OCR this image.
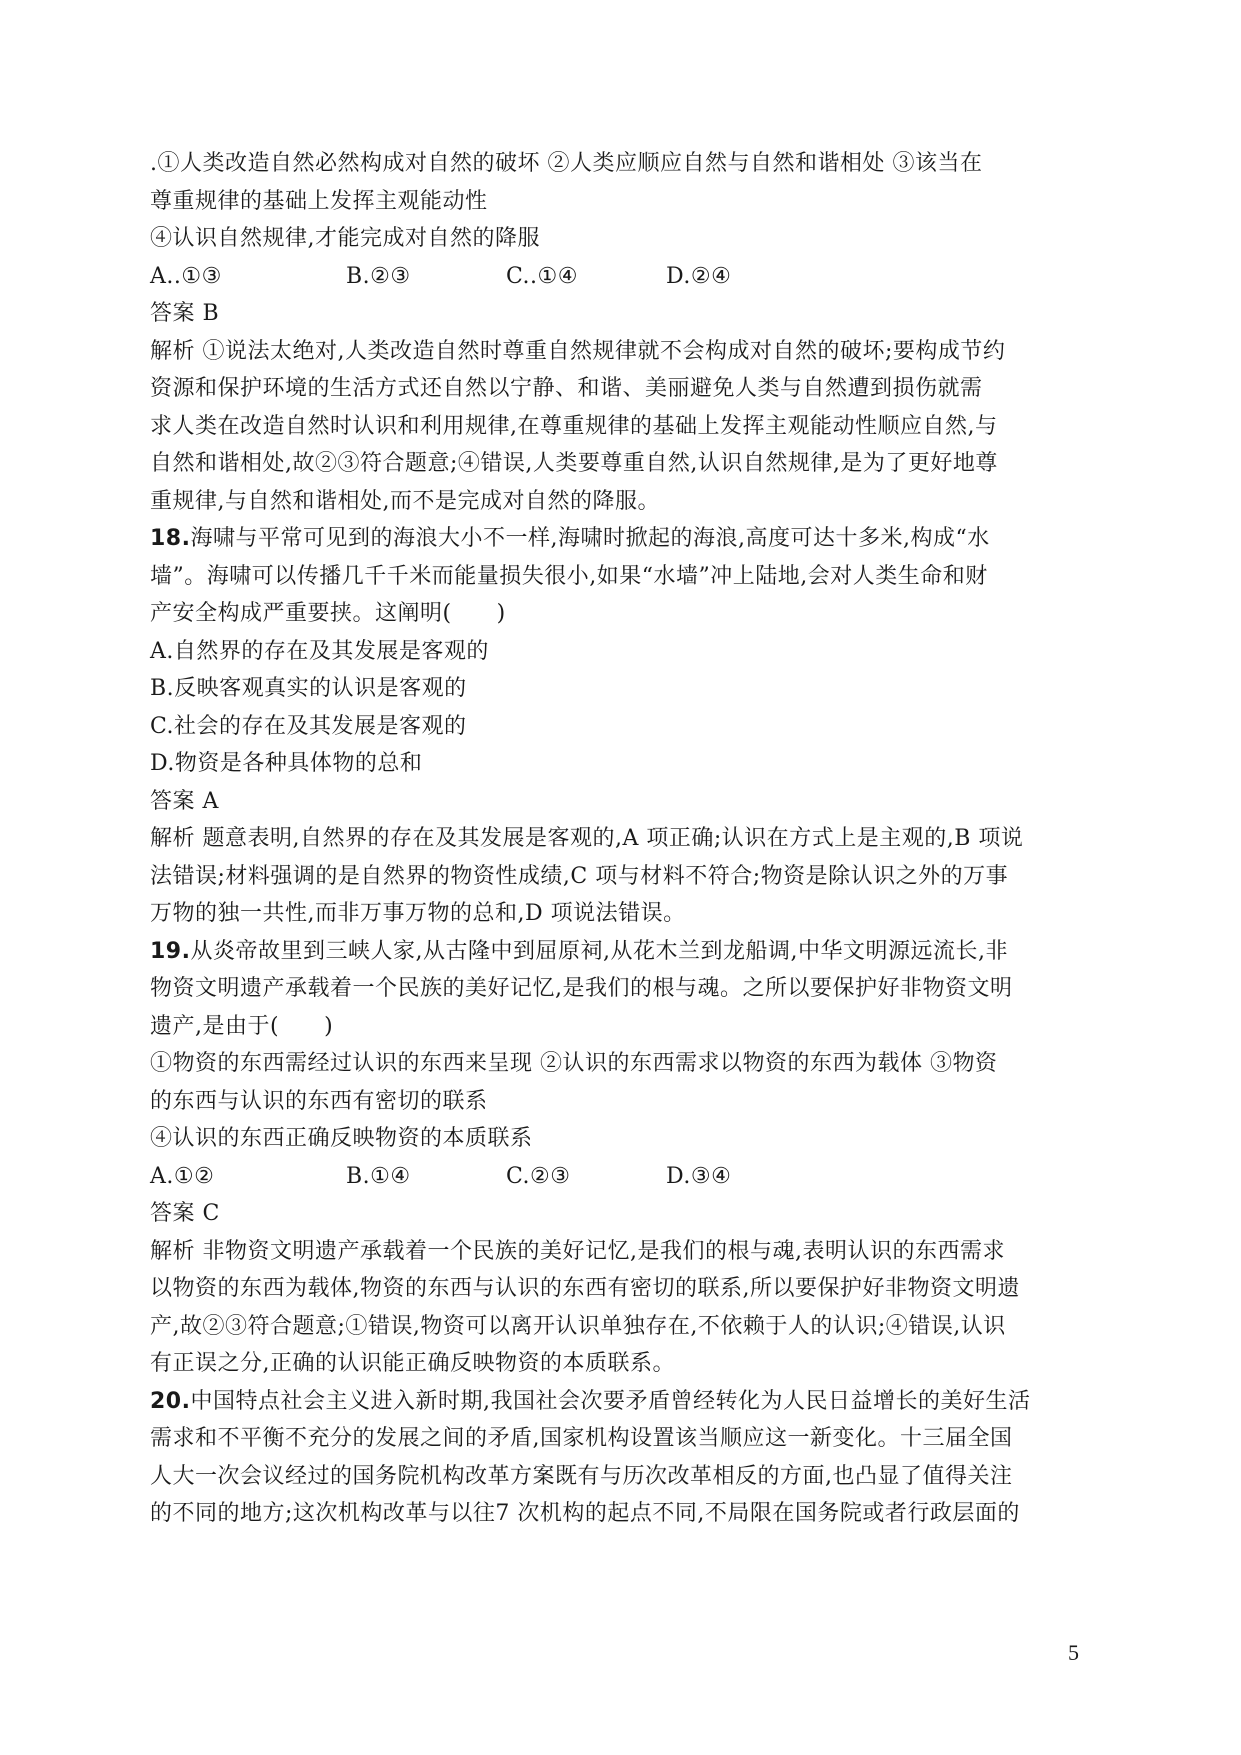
.①人类改造自然必然构成对自然的破坏 ②人类应顺应自然与自然和谐相处 ③该当在
尊重规律的基础上发挥主观能动性
④认识自然规律,才能完成对自然的降服
A..①③	B.②③	C..①④	D.②④
答案 B
解析 ①说法太绝对,人类改造自然时尊重自然规律就不会构成对自然的破坏;要构成节约
资源和保护环境的生活方式还自然以宁静、和谐、美丽避免人类与自然遭到损伤就需
求人类在改造自然时认识和利用规律,在尊重规律的基础上发挥主观能动性顺应自然,与
自然和谐相处,故②③符合题意;④错误,人类要尊重自然,认识自然规律,是为了更好地尊
重规律,与自然和谐相处,而不是完成对自然的降服。
18.海啸与平常可见到的海浪大小不一样,海啸时掀起的海浪,高度可达十多米,构成“水
墙”。海啸可以传播几千千米而能量损失很小,如果“水墙”冲上陆地,会对人类生命和财
产安全构成严重要挟。这阐明(　　)
A.自然界的存在及其发展是客观的
B.反映客观真实的认识是客观的
C.社会的存在及其发展是客观的
D.物资是各种具体物的总和
答案 A
解析 题意表明,自然界的存在及其发展是客观的,A 项正确;认识在方式上是主观的,B 项说
法错误;材料强调的是自然界的物资性成绩,C 项与材料不符合;物资是除认识之外的万事
万物的独一共性,而非万事万物的总和,D 项说法错误。
19.从炎帝故里到三峡人家,从古隆中到屈原祠,从花木兰到龙船调,中华文明源远流长,非
物资文明遗产承载着一个民族的美好记忆,是我们的根与魂。之所以要保护好非物资文明
遗产,是由于(　　)
①物资的东西需经过认识的东西来呈现 ②认识的东西需求以物资的东西为载体 ③物资
的东西与认识的东西有密切的联系
④认识的东西正确反映物资的本质联系
A.①②	B.①④	C.②③	D.③④
答案 C
解析 非物资文明遗产承载着一个民族的美好记忆,是我们的根与魂,表明认识的东西需求
以物资的东西为载体,物资的东西与认识的东西有密切的联系,所以要保护好非物资文明遗
产,故②③符合题意;①错误,物资可以离开认识单独存在,不依赖于人的认识;④错误,认识
有正误之分,正确的认识能正确反映物资的本质联系。
20.中国特点社会主义进入新时期,我国社会次要矛盾曾经转化为人民日益增长的美好生活
需求和不平衡不充分的发展之间的矛盾,国家机构设置该当顺应这一新变化。十三届全国
人大一次会议经过的国务院机构改革方案既有与历次改革相反的方面,也凸显了值得关注
的不同的地方;这次机构改革与以往7 次机构的起点不同,不局限在国务院或者行政层面的
5
